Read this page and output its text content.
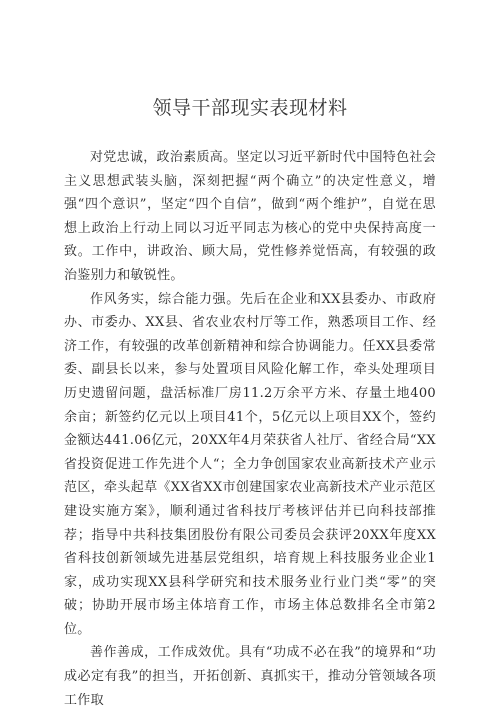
领导干部现实表现材料

对党忠诚，政治素质高。坚定以习近平新时代中国特色社会主义思想武装头脑，深刻把握“两个确立”的决定性意义，增强“四个意识”，坚定“四个自信”，做到“两个维护”，自觉在思想上政治上行动上同以习近平同志为核心的党中央保持高度一致。工作中，讲政治、顾大局，党性修养觉悟高，有较强的政治鉴别力和敏锐性。

作风务实，综合能力强。先后在企业和XX县委办、市政府办、市委办、XX县、省农业农村厅等工作，熟悉项目工作、经济工作，有较强的改革创新精神和综合协调能力。任XX县委常委、副县长以来，参与处置项目风险化解工作，牵头处理项目历史遗留问题，盘活标准厂房11.2万余平方米、存量土地400余亩；新签约亿元以上项目41个，5亿元以上项目XX个，签约金额达441.06亿元，20XX年4月荣获省人社厅、省经合局“XX省投资促进工作先进个人“；全力争创国家农业高新技术产业示范区，牵头起草《XX省XX市创建国家农业高新技术产业示范区建设实施方案》，顺利通过省科技厅考核评估并已向科技部推荐；指导中共科技集团股份有限公司委员会获评20XX年度XX省科技创新领域先进基层党组织，培育规上科技服务业企业1家，成功实现XX县科学研究和技术服务业行业门类“零”的突破；协助开展市场主体培育工作，市场主体总数排名全市第2位。

善作善成，工作成效优。具有“功成不必在我”的境界和“功成必定有我”的担当，开拓创新、真抓实干，推动分管领域各项工作取
